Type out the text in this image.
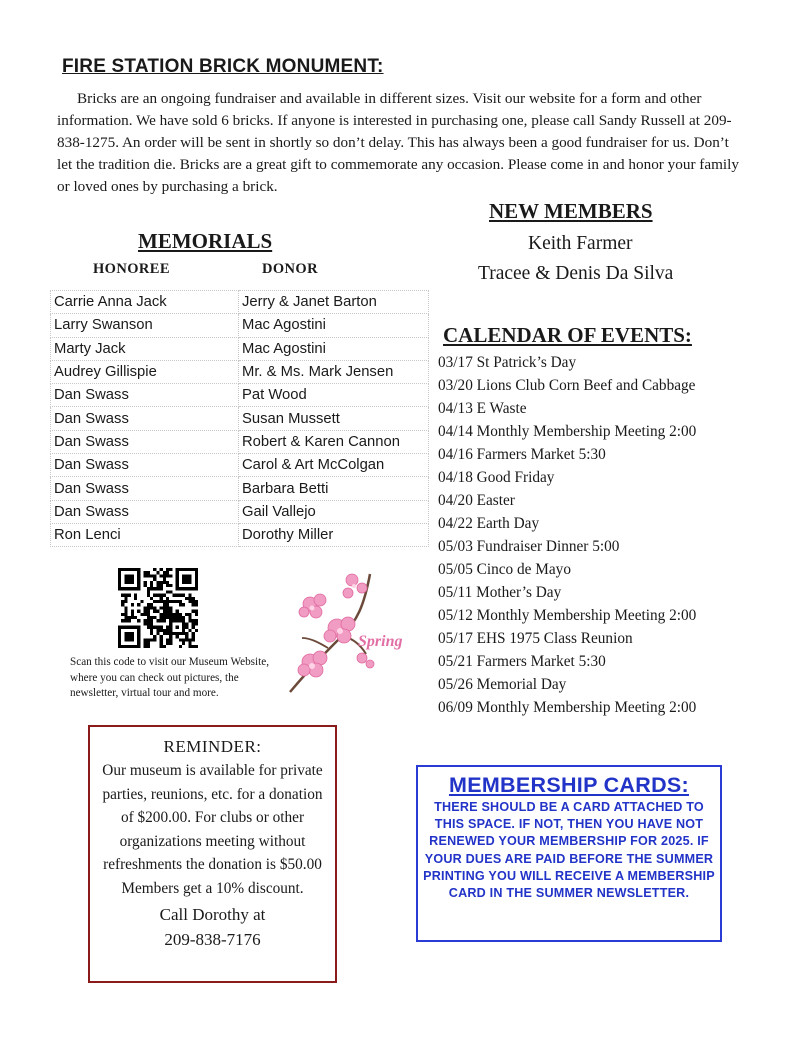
FIRE STATION BRICK MONUMENT:

Bricks are an ongoing fundraiser and available in different sizes. Visit our website for a form and other information. We have sold 6 bricks. If anyone is interested in purchasing one, please call Sandy Russell at 209-838-1275. An order will be sent in shortly so don’t delay. This has always been a good fundraiser for us. Don’t let the tradition die. Bricks are a great gift to commemorate any occasion. Please come in and honor your family or loved ones by purchasing a brick.

MEMORIALS
HONOREE	DONOR
Carrie Anna Jack	Jerry & Janet Barton
Larry Swanson	Mac Agostini
Marty Jack	Mac Agostini
Audrey Gillispie	Mr. & Ms. Mark Jensen
Dan Swass	Pat Wood
Dan Swass	Susan Mussett
Dan Swass	Robert & Karen Cannon
Dan Swass	Carol & Art McColgan
Dan Swass	Barbara Betti
Dan Swass	Gail Vallejo
Ron Lenci	Dorothy Miller

Scan this code to visit our Museum Website, where you can check out pictures, the newsletter, virtual tour and more.

Spring
NEW MEMBERS
Keith Farmer
Tracee & Denis Da Silva
CALENDAR OF EVENTS:
03/17 St Patrick’s Day
03/20 Lions Club Corn Beef and Cabbage
04/13 E Waste
04/14 Monthly Membership Meeting 2:00
04/16 Farmers Market 5:30
04/18 Good Friday
04/20 Easter
04/22 Earth Day
05/03 Fundraiser Dinner 5:00
05/05 Cinco de Mayo
05/11 Mother’s Day
05/12 Monthly Membership Meeting 2:00
05/17 EHS 1975 Class Reunion
05/21 Farmers Market 5:30
05/26 Memorial Day
06/09 Monthly Membership Meeting 2:00
REMINDER:

Our museum is available for private parties, reunions, etc. for a donation of $200.00. For clubs or other organizations meeting without refreshments the donation is $50.00 Members get a 10% discount.

Call Dorothy at
209-838-7176
MEMBERSHIP CARDS:

THERE SHOULD BE A CARD ATTACHED TO THIS SPACE. IF NOT, THEN YOU HAVE NOT RENEWED YOUR MEMBERSHIP FOR 2025. IF YOUR DUES ARE PAID BEFORE THE SUMMER PRINTING YOU WILL RECEIVE A MEMBERSHIP CARD IN THE SUMMER NEWSLETTER.
